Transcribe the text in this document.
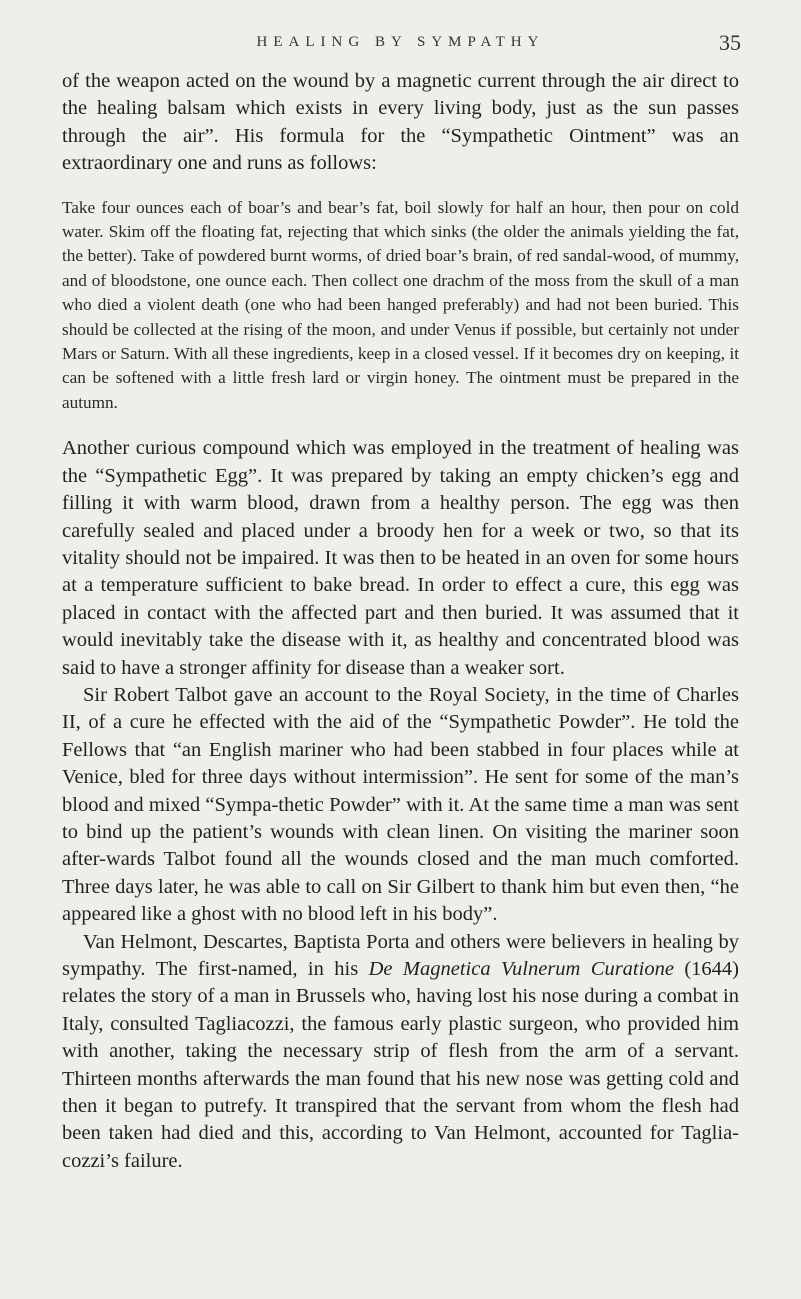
HEALING BY SYMPATHY	35

of the weapon acted on the wound by a magnetic current through the air direct to the healing balsam which exists in every living body, just as the sun passes through the air”. His formula for the “Sympathetic Ointment” was an extraordinary one and runs as follows:

Take four ounces each of boar’s and bear’s fat, boil slowly for half an hour, then pour on cold water. Skim off the floating fat, rejecting that which sinks (the older the animals yielding the fat, the better). Take of powdered burnt worms, of dried boar’s brain, of red sandal-wood, of mummy, and of bloodstone, one ounce each. Then collect one drachm of the moss from the skull of a man who died a violent death (one who had been hanged preferably) and had not been buried. This should be collected at the rising of the moon, and under Venus if possible, but certainly not under Mars or Saturn. With all these ingredients, keep in a closed vessel. If it becomes dry on keeping, it can be softened with a little fresh lard or virgin honey. The ointment must be prepared in the autumn.

Another curious compound which was employed in the treatment of healing was the “Sympathetic Egg”. It was prepared by taking an empty chicken’s egg and filling it with warm blood, drawn from a healthy person. The egg was then carefully sealed and placed under a broody hen for a week or two, so that its vitality should not be impaired. It was then to be heated in an oven for some hours at a temperature sufficient to bake bread. In order to effect a cure, this egg was placed in contact with the affected part and then buried. It was assumed that it would inevitably take the disease with it, as healthy and concentrated blood was said to have a stronger affinity for disease than a weaker sort.

Sir Robert Talbot gave an account to the Royal Society, in the time of Charles II, of a cure he effected with the aid of the “Sympathetic Powder”. He told the Fellows that “an English mariner who had been stabbed in four places while at Venice, bled for three days without intermission”. He sent for some of the man’s blood and mixed “Sympa-thetic Powder” with it. At the same time a man was sent to bind up the patient’s wounds with clean linen. On visiting the mariner soon after-wards Talbot found all the wounds closed and the man much comforted. Three days later, he was able to call on Sir Gilbert to thank him but even then, “he appeared like a ghost with no blood left in his body”.

Van Helmont, Descartes, Baptista Porta and others were believers in healing by sympathy. The first-named, in his De Magnetica Vulnerum Curatione (1644) relates the story of a man in Brussels who, having lost his nose during a combat in Italy, consulted Tagliacozzi, the famous early plastic surgeon, who provided him with another, taking the necessary strip of flesh from the arm of a servant. Thirteen months afterwards the man found that his new nose was getting cold and then it began to putrefy. It transpired that the servant from whom the flesh had been taken had died and this, according to Van Helmont, accounted for Taglia-cozzi’s failure.
